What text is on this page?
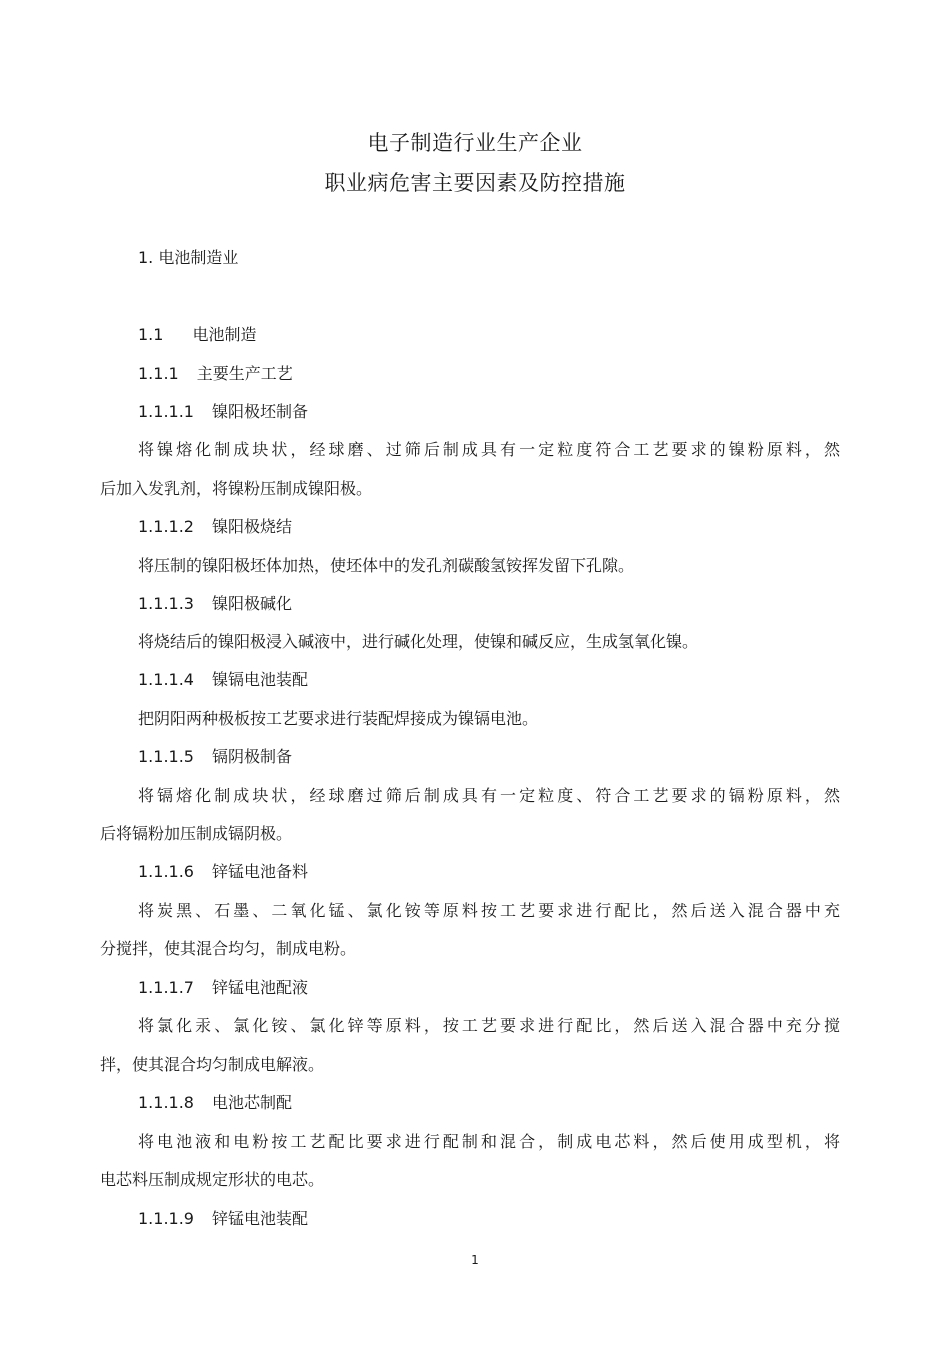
电子制造行业生产企业
职业病危害主要因素及防控措施
1. 电池制造业
1.1 电池制造
1.1.1 主要生产工艺
1.1.1.1 镍阳极坯制备
将镍熔化制成块状，经球磨、过筛后制成具有一定粒度符合工艺要求的镍粉原料，然
后加入发乳剂，将镍粉压制成镍阳极。
1.1.1.2 镍阳极烧结
将压制的镍阳极坯体加热，使坯体中的发孔剂碳酸氢铵挥发留下孔隙。
1.1.1.3 镍阳极碱化
将烧结后的镍阳极浸入碱液中，进行碱化处理，使镍和碱反应，生成氢氧化镍。
1.1.1.4 镍镉电池装配
把阴阳两种极板按工艺要求进行装配焊接成为镍镉电池。
1.1.1.5 镉阴极制备
将镉熔化制成块状，经球磨过筛后制成具有一定粒度、符合工艺要求的镉粉原料，然
后将镉粉加压制成镉阴极。
1.1.1.6 锌锰电池备料
将炭黑、石墨、二氧化锰、氯化铵等原料按工艺要求进行配比，然后送入混合器中充
分搅拌，使其混合均匀，制成电粉。
1.1.1.7 锌锰电池配液
将氯化汞、氯化铵、氯化锌等原料，按工艺要求进行配比，然后送入混合器中充分搅
拌，使其混合均匀制成电解液。
1.1.1.8 电池芯制配
将电池液和电粉按工艺配比要求进行配制和混合，制成电芯料，然后使用成型机，将
电芯料压制成规定形状的电芯。
1.1.1.9 锌锰电池装配
1
